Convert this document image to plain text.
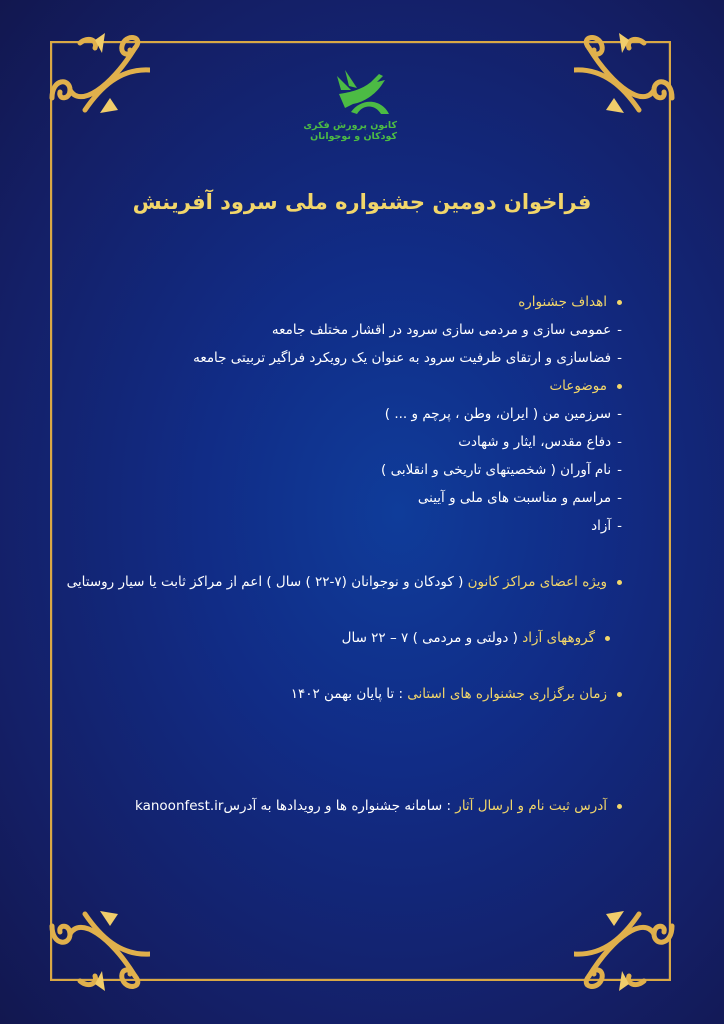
کانون پرورش فکری
کودکان و نوجوانان
فراخوان دومین جشنواره ملی سرود آفرینش
اهداف جشنواره
-عمومی سازی و مردمی سازی سرود در اقشار مختلف جامعه
-فضاسازی و ارتقای ظرفیت سرود به عنوان یک رویکرد فراگیر تربیتی جامعه
موضوعات
-سرزمین من ( ایران، وطن ، پرچم و ... )
-دفاع مقدس، ایثار و شهادت
-نام آوران ( شخصیتهای تاریخی و انقلابی )
-مراسم و مناسبت های ملی و آیینی
-آزاد
ویژه اعضای مراکز کانون ( کودکان و نوجوانان (۷-۲۲ ) سال ) اعم از مراکز ثابت یا سیار روستایی
گروههای آزاد ( دولتی و مردمی ) ۷ – ۲۲ سال
زمان برگزاری جشنواره های استانی : تا پایان بهمن ۱۴۰۲
آدرس ثبت نام و ارسال آثار : سامانه جشنواره ها و رویدادها به آدرسkanoonfest.ir
